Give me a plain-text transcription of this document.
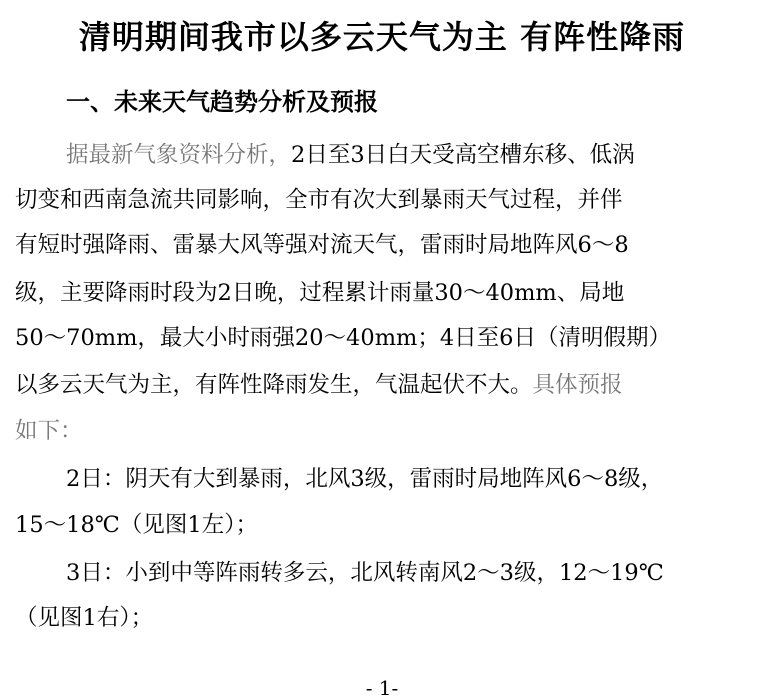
清明期间我市以多云天气为主 有阵性降雨
一、未来天气趋势分析及预报
据最新气象资料分析，2日至3日白天受高空槽东移、低涡
切变和西南急流共同影响，全市有次大到暴雨天气过程，并伴
有短时强降雨、雷暴大风等强对流天气，雷雨时局地阵风6～8
级，主要降雨时段为2日晚，过程累计雨量30～40mm、局地
50～70mm，最大小时雨强20～40mm；4日至6日（清明假期）
以多云天气为主，有阵性降雨发生，气温起伏不大。具体预报
如下：
2日：阴天有大到暴雨，北风3级，雷雨时局地阵风6～8级，
15～18℃（见图1左）；
3日：小到中等阵雨转多云，北风转南风2～3级，12～19℃
（见图1右）；
- 1-
